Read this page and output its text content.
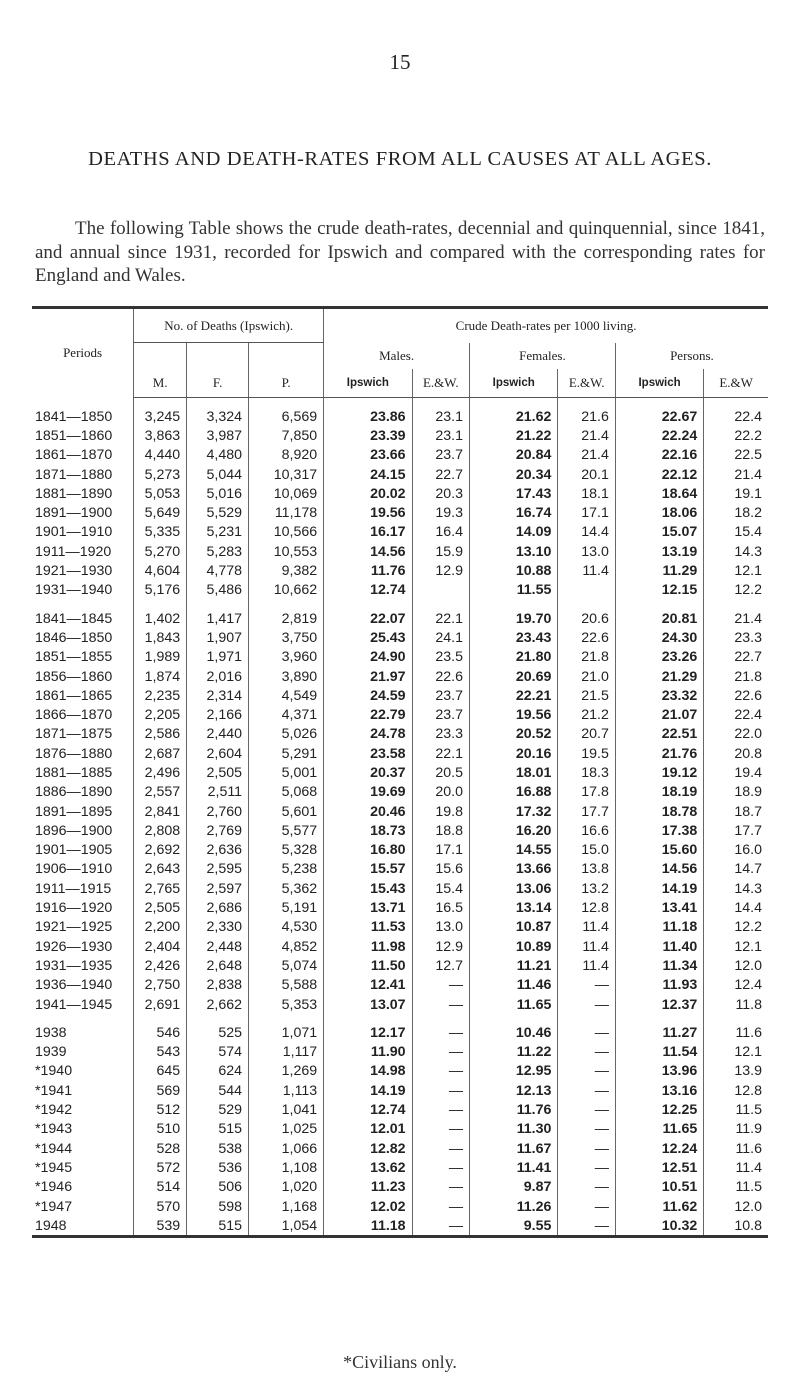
15
DEATHS AND DEATH-RATES FROM ALL CAUSES AT ALL AGES.

The following Table shows the crude death-rates, decennial and quinquennial, since 1841, and annual since 1931, recorded for Ipswich and compared with the corresponding rates for England and Wales.

Periods	No. of Deaths (Ipswich).			Crude Death-rates per 1000 living.					
				Males.		Females.		Persons.	
	M.	F.	P.	Ipswich	E.&W.	Ipswich	E.&W.	Ipswich	E.&W

1841—1850	3,245	3,324	6,569	23.86	23.1	21.62	21.6	22.67	22.4
1851—1860	3,863	3,987	7,850	23.39	23.1	21.22	21.4	22.24	22.2
1861—1870	4,440	4,480	8,920	23.66	23.7	20.84	21.4	22.16	22.5
1871—1880	5,273	5,044	10,317	24.15	22.7	20.34	20.1	22.12	21.4
1881—1890	5,053	5,016	10,069	20.02	20.3	17.43	18.1	18.64	19.1
1891—1900	5,649	5,529	11,178	19.56	19.3	16.74	17.1	18.06	18.2
1901—1910	5,335	5,231	10,566	16.17	16.4	14.09	14.4	15.07	15.4
1911—1920	5,270	5,283	10,553	14.56	15.9	13.10	13.0	13.19	14.3
1921—1930	4,604	4,778	9,382	11.76	12.9	10.88	11.4	11.29	12.1
1931—1940	5,176	5,486	10,662	12.74		11.55		12.15	12.2

1841—1845	1,402	1,417	2,819	22.07	22.1	19.70	20.6	20.81	21.4
1846—1850	1,843	1,907	3,750	25.43	24.1	23.43	22.6	24.30	23.3
1851—1855	1,989	1,971	3,960	24.90	23.5	21.80	21.8	23.26	22.7
1856—1860	1,874	2,016	3,890	21.97	22.6	20.69	21.0	21.29	21.8
1861—1865	2,235	2,314	4,549	24.59	23.7	22.21	21.5	23.32	22.6
1866—1870	2,205	2,166	4,371	22.79	23.7	19.56	21.2	21.07	22.4
1871—1875	2,586	2,440	5,026	24.78	23.3	20.52	20.7	22.51	22.0
1876—1880	2,687	2,604	5,291	23.58	22.1	20.16	19.5	21.76	20.8
1881—1885	2,496	2,505	5,001	20.37	20.5	18.01	18.3	19.12	19.4
1886—1890	2,557	2,511	5,068	19.69	20.0	16.88	17.8	18.19	18.9
1891—1895	2,841	2,760	5,601	20.46	19.8	17.32	17.7	18.78	18.7
1896—1900	2,808	2,769	5,577	18.73	18.8	16.20	16.6	17.38	17.7
1901—1905	2,692	2,636	5,328	16.80	17.1	14.55	15.0	15.60	16.0
1906—1910	2,643	2,595	5,238	15.57	15.6	13.66	13.8	14.56	14.7
1911—1915	2,765	2,597	5,362	15.43	15.4	13.06	13.2	14.19	14.3
1916—1920	2,505	2,686	5,191	13.71	16.5	13.14	12.8	13.41	14.4
1921—1925	2,200	2,330	4,530	11.53	13.0	10.87	11.4	11.18	12.2
1926—1930	2,404	2,448	4,852	11.98	12.9	10.89	11.4	11.40	12.1
1931—1935	2,426	2,648	5,074	11.50	12.7	11.21	11.4	11.34	12.0
1936—1940	2,750	2,838	5,588	12.41	—	11.46	—	11.93	12.4
1941—1945	2,691	2,662	5,353	13.07	—	11.65	—	12.37	11.8

1938	546	525	1,071	12.17	—	10.46	—	11.27	11.6
1939	543	574	1,117	11.90	—	11.22	—	11.54	12.1
*1940	645	624	1,269	14.98	—	12.95	—	13.96	13.9
*1941	569	544	1,113	14.19	—	12.13	—	13.16	12.8
*1942	512	529	1,041	12.74	—	11.76	—	12.25	11.5
*1943	510	515	1,025	12.01	—	11.30	—	11.65	11.9
*1944	528	538	1,066	12.82	—	11.67	—	12.24	11.6
*1945	572	536	1,108	13.62	—	11.41	—	12.51	11.4
*1946	514	506	1,020	11.23	—	9.87	—	10.51	11.5
*1947	570	598	1,168	12.02	—	11.26	—	11.62	12.0
1948	539	515	1,054	11.18	—	9.55	—	10.32	10.8
*Civilians only.
